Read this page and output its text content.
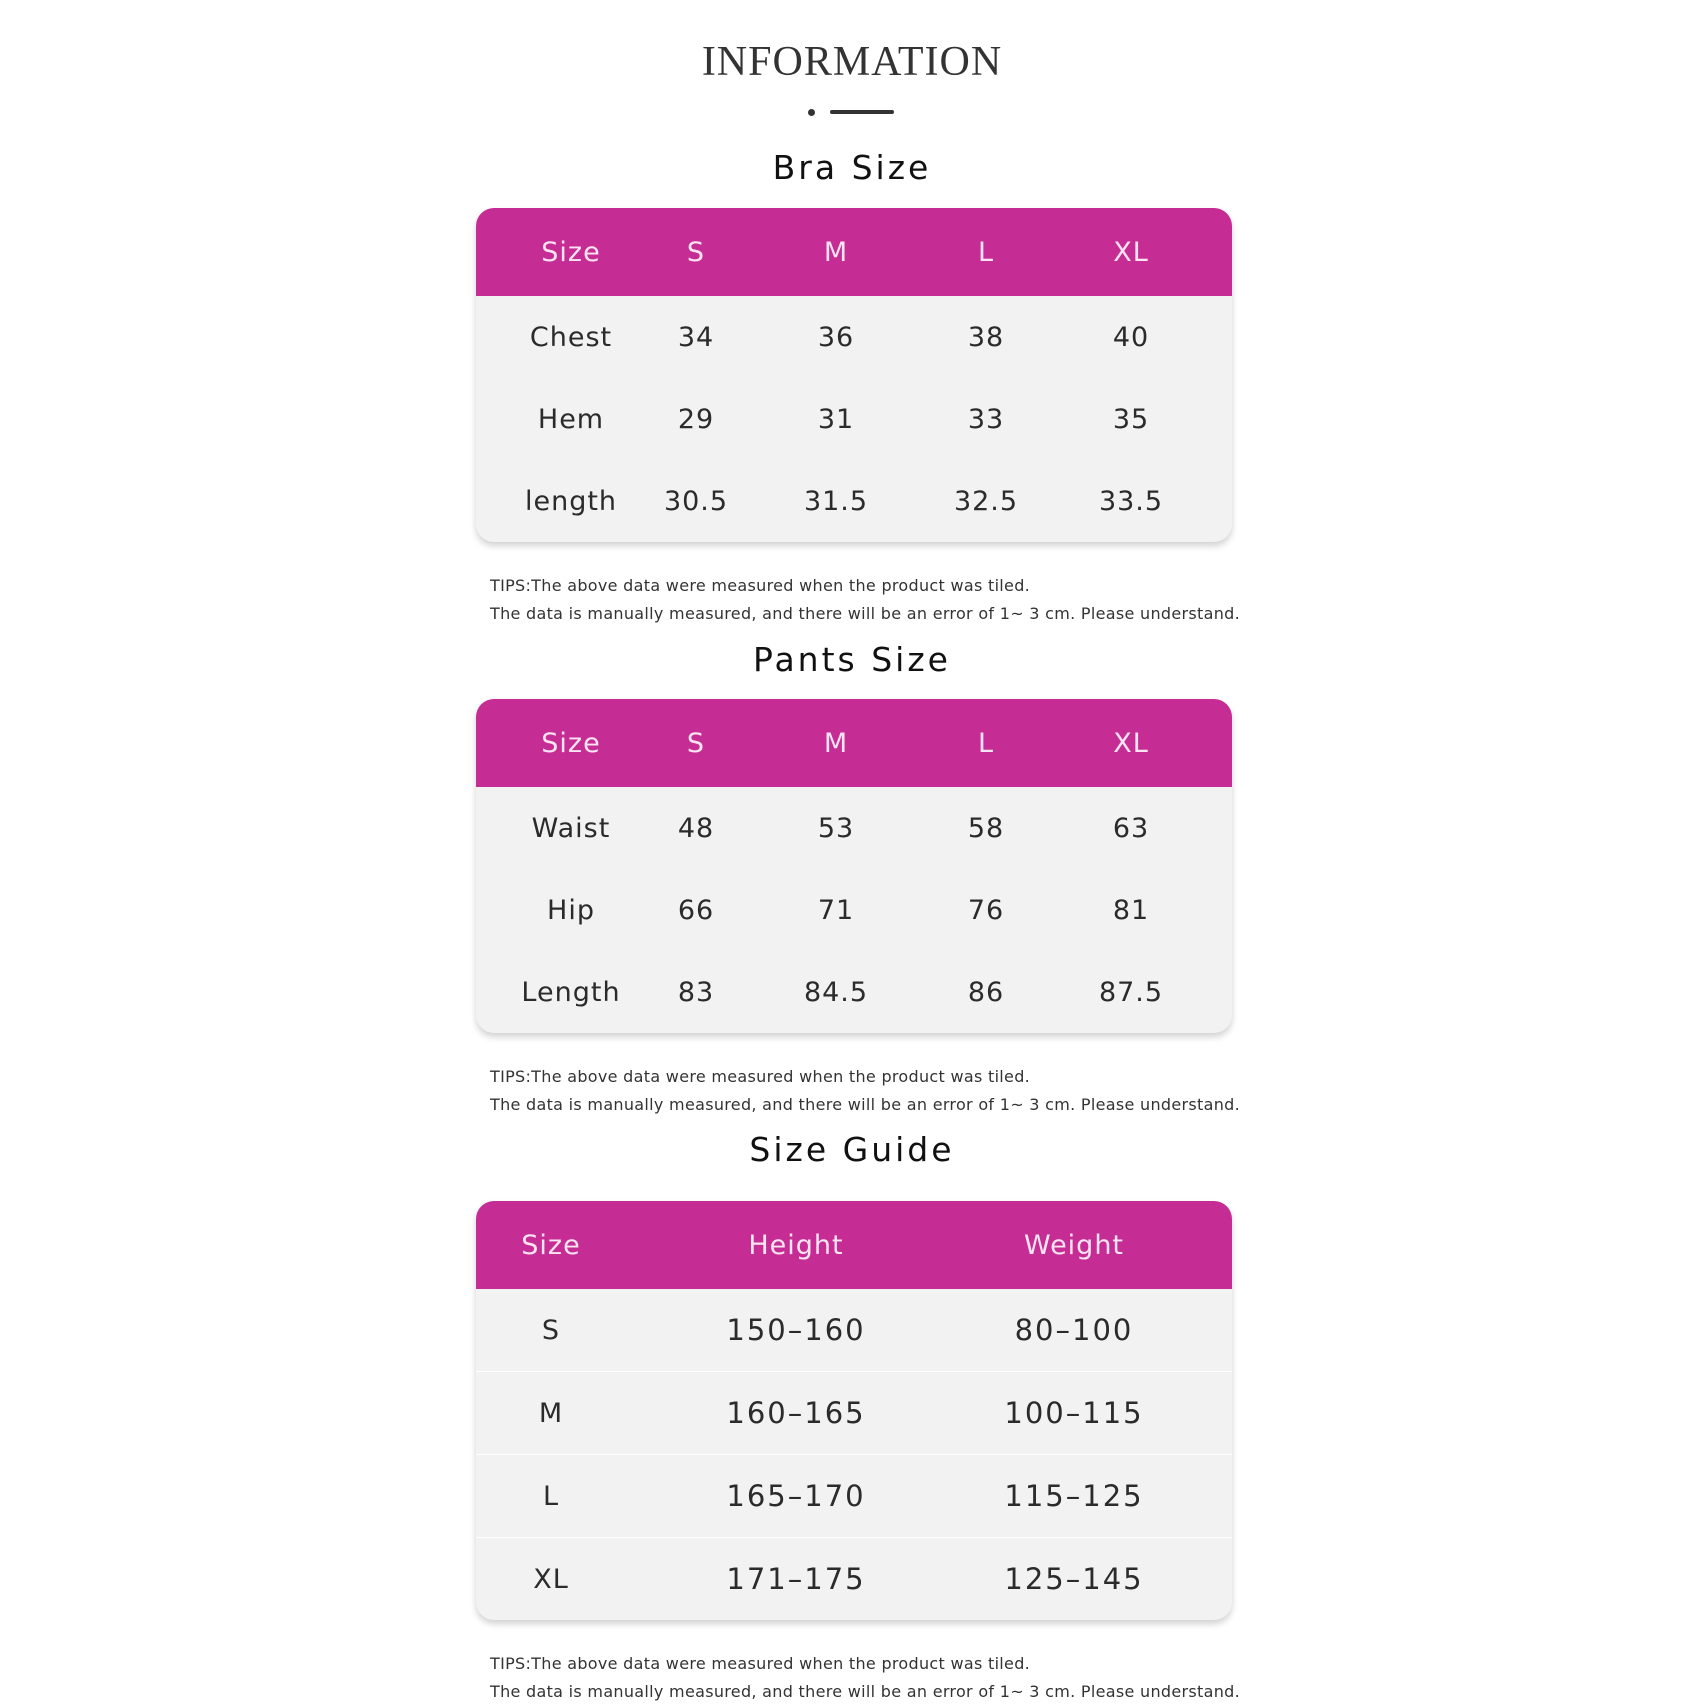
INFORMATION
Bra Size
Size	S	M	L	XL
Chest	34	36	38	40
Hem	29	31	33	35
length	30.5	31.5	32.5	33.5
TIPS:The above data were measured when the product was tiled.
The data is manually measured, and there will be an error of 1~ 3 cm. Please understand.
Pants Size
Size	S	M	L	XL
Waist	48	53	58	63
Hip	66	71	76	81
Length	83	84.5	86	87.5
TIPS:The above data were measured when the product was tiled.
The data is manually measured, and there will be an error of 1~ 3 cm. Please understand.
Size Guide
Size	Height	Weight
S	150–160	80–100
M	160–165	100–115
L	165–170	115–125
XL	171–175	125–145
TIPS:The above data were measured when the product was tiled.
The data is manually measured, and there will be an error of 1~ 3 cm. Please understand.
